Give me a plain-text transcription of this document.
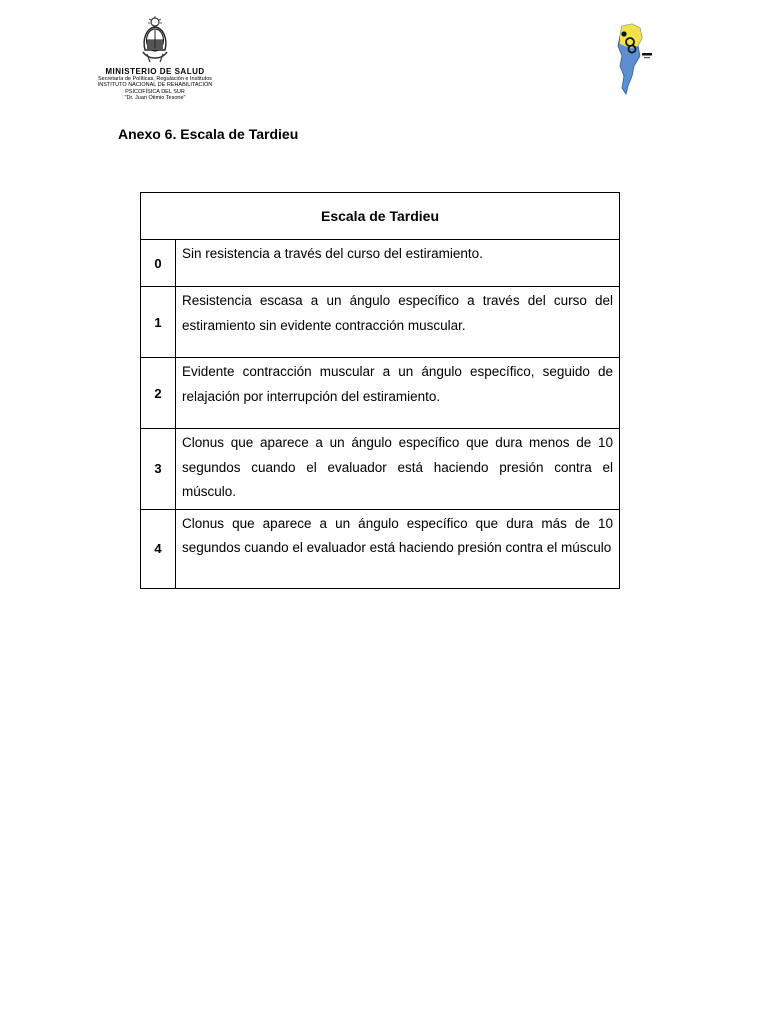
MINISTERIO DE SALUD
Secretaría de Políticas, Regulación e Institutos
INSTITUTO NACIONAL DE REHABILITACIÓN
PSICOFÍSICA DEL SUR
"Dr. Juan Otimio Tesone"
Anexo 6. Escala de Tardieu
Escala de Tardieu	
0	Sin resistencia a través del curso del estiramiento.
1	Resistencia escasa a un ángulo específico a través del curso del estiramiento sin evidente contracción muscular.
2	Evidente contracción muscular a un ángulo específico, seguido de relajación por interrupción del estiramiento.
3	Clonus que aparece a un ángulo específico que dura menos de 10 segundos cuando el evaluador está haciendo presión contra el músculo.
4	Clonus que aparece a un ángulo específico que dura más de 10 segundos cuando el evaluador está haciendo presión contra el músculo
